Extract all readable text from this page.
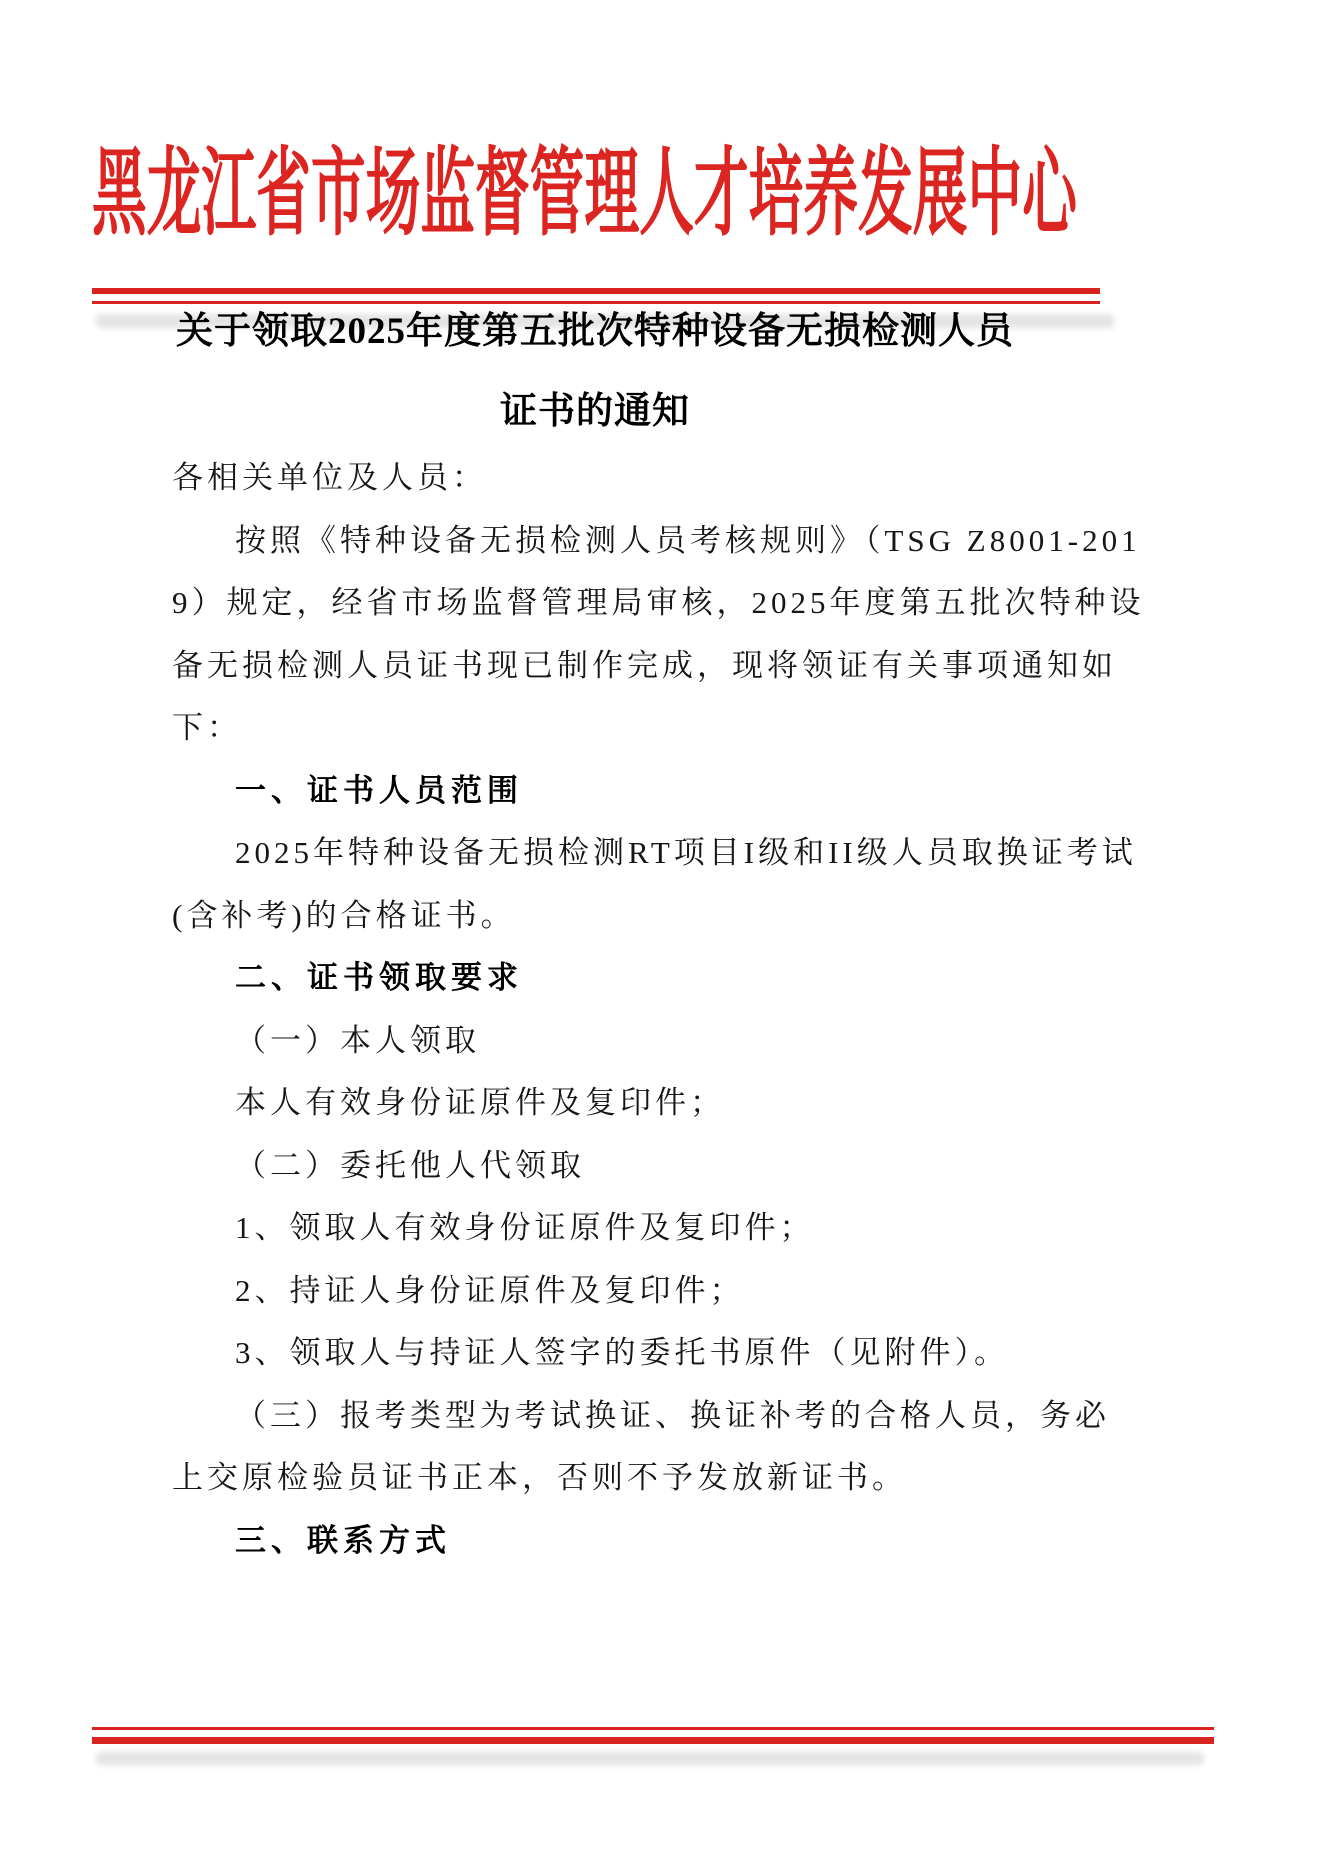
黑龙江省市场监督管理人才培养发展中心
关于领取2025年度第五批次特种设备无损检测人员
证书的通知
各相关单位及人员：
按照《特种设备无损检测人员考核规则》（TSG Z8001-201
9）规定，经省市场监督管理局审核，2025年度第五批次特种设
备无损检测人员证书现已制作完成，现将领证有关事项通知如
下：
一、证书人员范围
2025年特种设备无损检测RT项目I级和II级人员取换证考试
(含补考)的合格证书。
二、证书领取要求
（一）本人领取
本人有效身份证原件及复印件；
（二）委托他人代领取
1、领取人有效身份证原件及复印件；
2、持证人身份证原件及复印件；
3、领取人与持证人签字的委托书原件（见附件）。
（三）报考类型为考试换证、换证补考的合格人员，务必
上交原检验员证书正本，否则不予发放新证书。
三、联系方式
